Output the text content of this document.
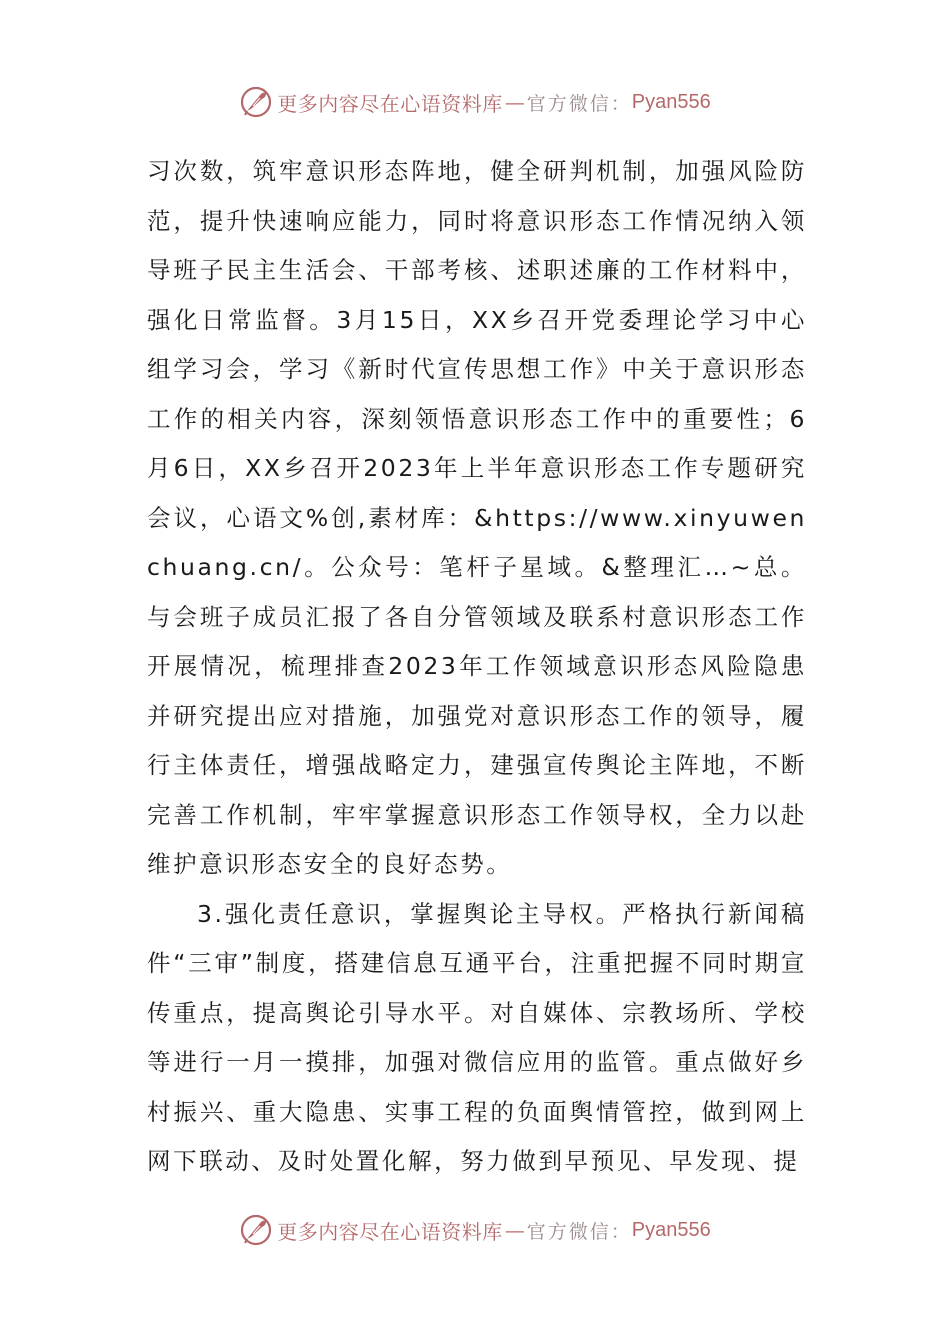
更多内容尽在心语资料库 — 官方微信： Pyan556

习次数，筑牢意识形态阵地，健全研判机制，加强风险防范，提升快速响应能力，同时将意识形态工作情况纳入领导班子民主生活会、干部考核、述职述廉的工作材料中，强化日常监督。3月15日，XX乡召开党委理论学习中心组学习会，学习《新时代宣传思想工作》中关于意识形态工作的相关内容，深刻领悟意识形态工作中的重要性；6月6日，XX乡召开2023年上半年意识形态工作专题研究会议，心语文%创,素材库：&https://www.xinyuwenchuang.cn/。公众号：笔杆子星域。&整理汇…~总。与会班子成员汇报了各自分管领域及联系村意识形态工作开展情况，梳理排查2023年工作领域意识形态风险隐患并研究提出应对措施，加强党对意识形态工作的领导，履行主体责任，增强战略定力，建强宣传舆论主阵地，不断完善工作机制，牢牢掌握意识形态工作领导权，全力以赴维护意识形态安全的良好态势。

3.强化责任意识，掌握舆论主导权。严格执行新闻稿件“三审”制度，搭建信息互通平台，注重把握不同时期宣传重点，提高舆论引导水平。对自媒体、宗教场所、学校等进行一月一摸排，加强对微信应用的监管。重点做好乡村振兴、重大隐患、实事工程的负面舆情管控，做到网上网下联动、及时处置化解，努力做到早预见、早发现、提

更多内容尽在心语资料库 — 官方微信： Pyan556
